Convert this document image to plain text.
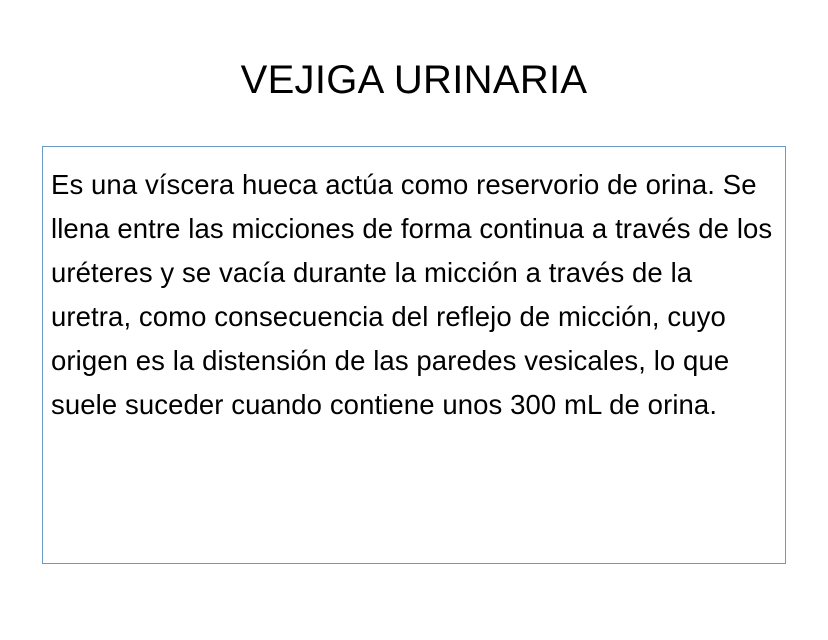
VEJIGA URINARIA
Es una víscera hueca actúa como reservorio de orina. Se llena entre las micciones de forma continua a través de los uréteres y se vacía durante la micción a través de la uretra, como consecuencia del reflejo de micción, cuyo origen es la distensión de las paredes vesicales, lo que suele suceder cuando contiene unos 300 mL de orina.
